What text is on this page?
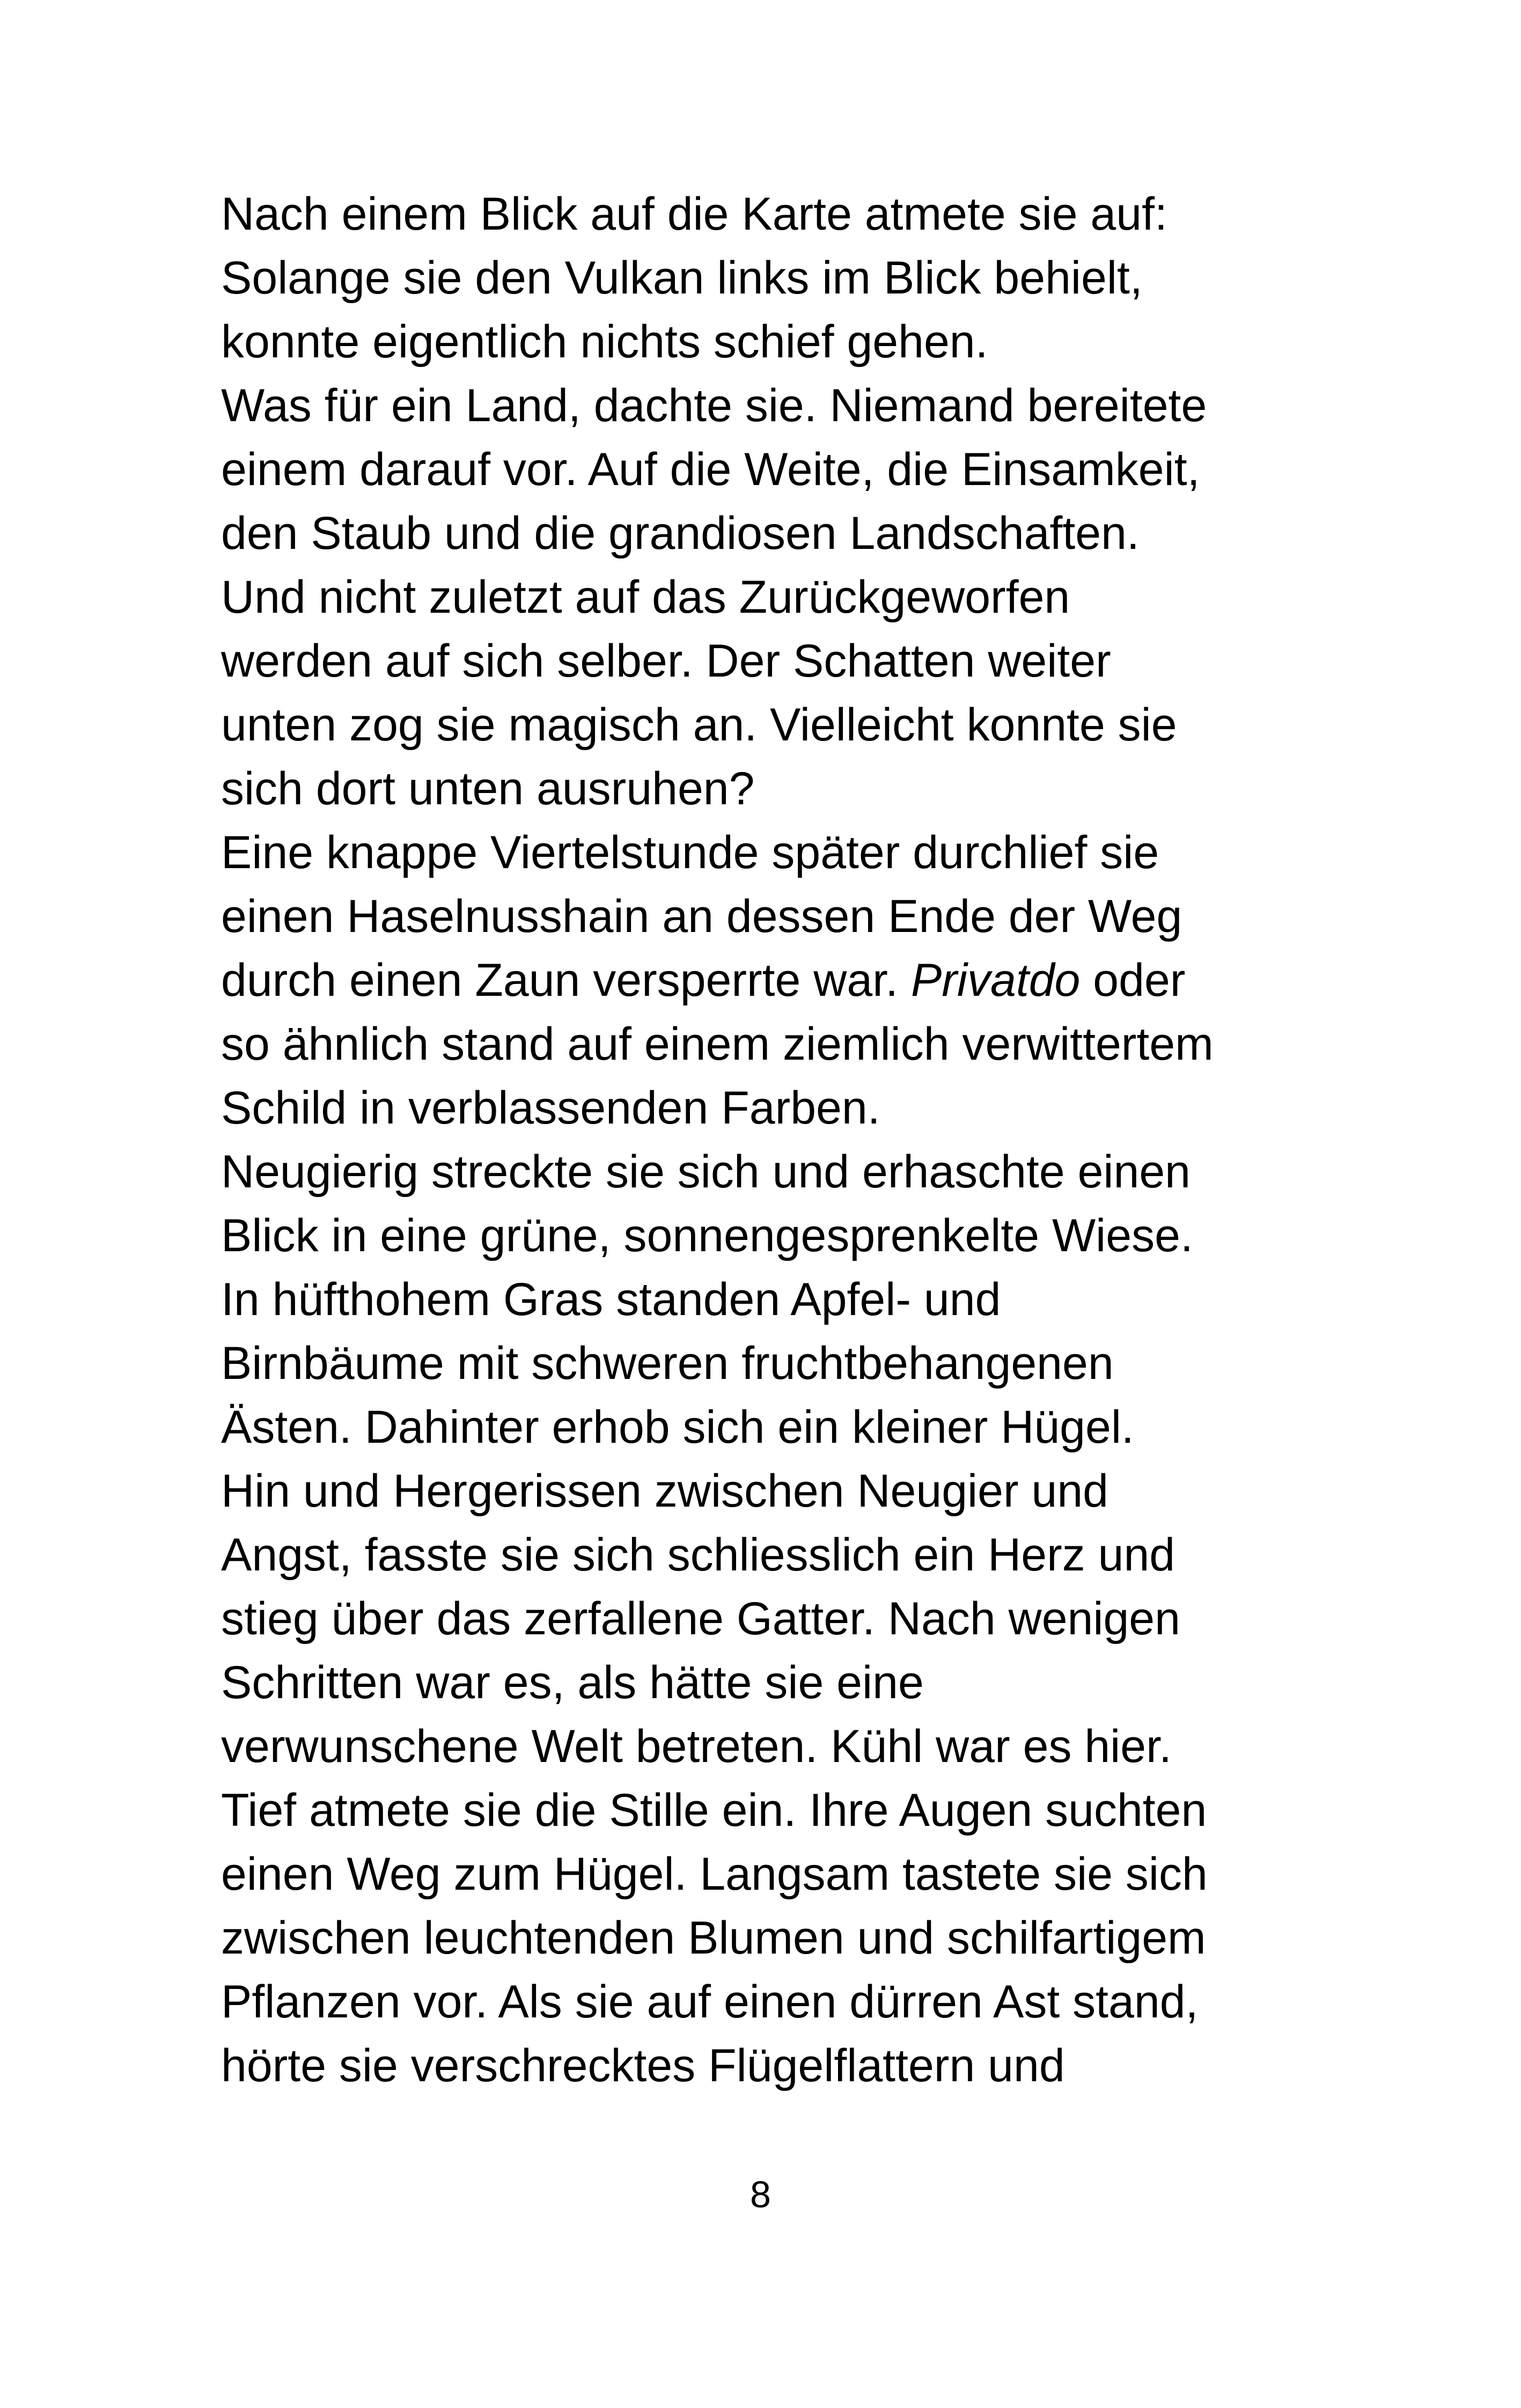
Nach einem Blick auf die Karte atmete sie auf:
Solange sie den Vulkan links im Blick behielt,
konnte eigentlich nichts schief gehen.
Was für ein Land, dachte sie. Niemand bereitete
einem darauf vor. Auf die Weite, die Einsamkeit,
den Staub und die grandiosen Landschaften.
Und nicht zuletzt auf das Zurückgeworfen
werden auf sich selber. Der Schatten weiter
unten zog sie magisch an. Vielleicht konnte sie
sich dort unten ausruhen?
Eine knappe Viertelstunde später durchlief sie
einen Haselnusshain an dessen Ende der Weg
durch einen Zaun versperrte war. Privatdo oder
so ähnlich stand auf einem ziemlich verwittertem
Schild in verblassenden Farben.
Neugierig streckte sie sich und erhaschte einen
Blick in eine grüne, sonnengesprenkelte Wiese.
In hüfthohem Gras standen Apfel- und
Birnbäume mit schweren fruchtbehangenen
Ästen. Dahinter erhob sich ein kleiner Hügel.
Hin und Hergerissen zwischen Neugier und
Angst, fasste sie sich schliesslich ein Herz und
stieg über das zerfallene Gatter. Nach wenigen
Schritten war es, als hätte sie eine
verwunschene Welt betreten. Kühl war es hier.
Tief atmete sie die Stille ein. Ihre Augen suchten
einen Weg zum Hügel. Langsam tastete sie sich
zwischen leuchtenden Blumen und schilfartigem
Pflanzen vor. Als sie auf einen dürren Ast stand,
hörte sie verschrecktes Flügelflattern und
8
